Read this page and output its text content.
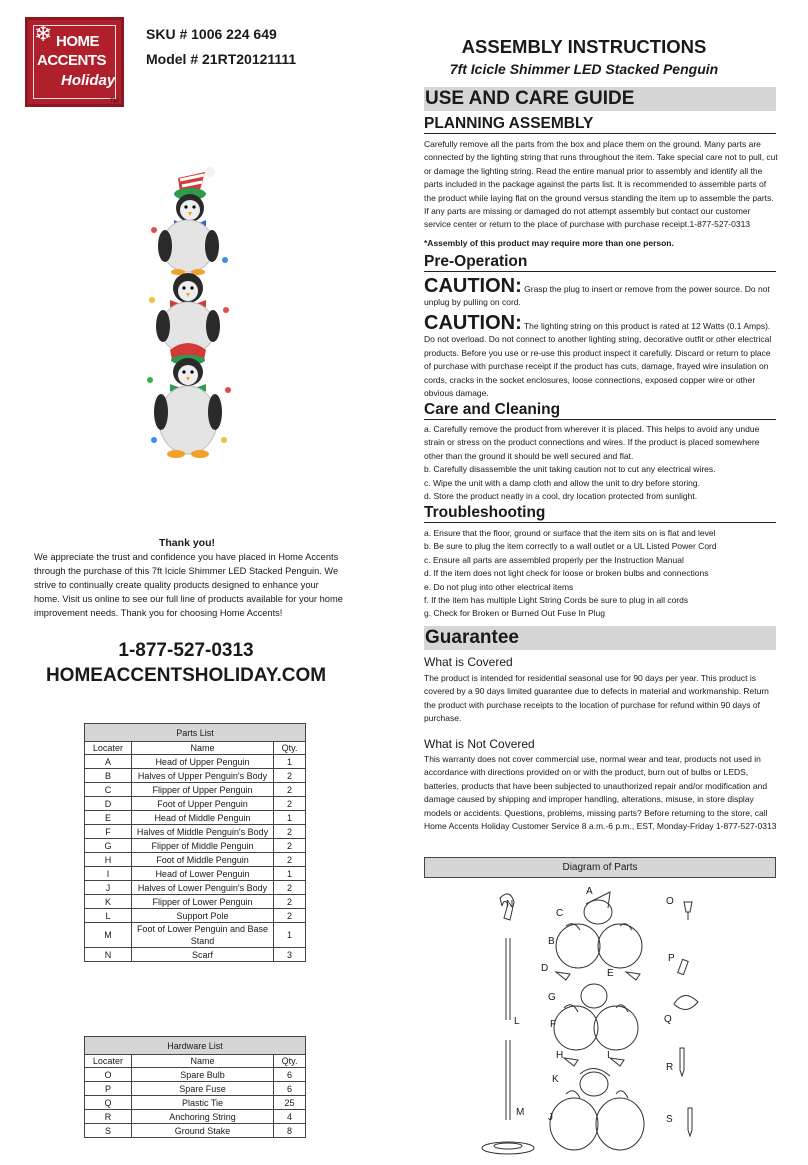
❄ HOME
ACCENTS
Holiday
TM
SKU # 1006 224 649
Model # 21RT20121111
Thank you!
We appreciate the trust and confidence you have placed in Home Accents through the purchase of this 7ft Icicle Shimmer LED Stacked Penguin. We strive to continually create quality products designed to enhance your home. Visit us online to see our full line of products available for your home improvement needs. Thank you for choosing Home Accents!
1-877-527-0313
HOMEACCENTSHOLIDAY.COM
Parts List		
Locater	Name	Qty.
A	Head of Upper Penguin	1
B	Halves of Upper Penguin's Body	2
C	Flipper of Upper Penguin	2
D	Foot of Upper Penguin	2
E	Head of Middle Penguin	1
F	Halves of Middle Penguin's Body	2
G	Flipper of Middle Penguin	2
H	Foot of Middle Penguin	2
I	Head of Lower Penguin	1
J	Halves of Lower Penguin's Body	2
K	Flipper of Lower Penguin	2
L	Support Pole	2
M	Foot of Lower Penguin and Base Stand	1
N	Scarf	3
Hardware List		
Locater	Name	Qty.
O	Spare Bulb	6
P	Spare Fuse	6
Q	Plastic Tie	25
R	Anchoring String	4
S	Ground Stake	8
ASSEMBLY INSTRUCTIONS
7ft Icicle Shimmer LED Stacked Penguin
USE AND CARE GUIDE
PLANNING ASSEMBLY
Carefully remove all the parts from the box and place them on the ground. Many parts are connected by the lighting string that runs throughout the item. Take special care not to pull, cut or damage the lighting string. Read the entire manual prior to assembly and identify all the parts included in the package against the parts list. It is recommended to assemble parts of the product while laying flat on the ground versus standing the item up to assemble the parts. If any parts are missing or damaged do not attempt assembly but contact our customer service center or return to the place of purchase with purchase receipt.1-877-527-0313
*Assembly of this product may require more than one person.
Pre-Operation
CAUTION: Grasp the plug to insert or remove from the power source. Do not unplug by pulling on cord.
CAUTION: The lighting string on this product is rated at 12 Watts (0.1 Amps). Do not overload. Do not connect to another lighting string, decorative outfit or other electrical products. Before you use or re-use this product inspect it carefully. Discard or return to place of purchase with purchase receipt if the product has cuts, damage, frayed wire insulation on cords, cracks in the socket enclosures, loose connections, exposed copper wire or other obvious damage.
Care and Cleaning
a. Carefully remove the product from wherever it is placed. This helps to avoid any undue strain or stress on the product connections and wires. If the product is placed somewhere other than the ground it should be well secured and flat.
b. Carefully disassemble the unit taking caution not to cut any electrical wires.
c. Wipe the unit with a damp cloth and allow the unit to dry before storing.
d. Store the product neatly in a cool, dry location protected from sunlight.
Troubleshooting
a. Ensure that the floor, ground or surface that the item sits on is flat and level
b. Be sure to plug the item correctly to a wall outlet or a UL Listed Power Cord
c. Ensure all parts are assembled properly per the Instruction Manual
d. If the item does not light check for loose or broken bulbs and connections
e. Do not plug into other electrical items
f. If the item has multiple Light String Cords be sure to plug in all cords
g. Check for Broken or Burned Out Fuse In Plug
Guarantee
What is Covered
The product is intended for residential seasonal use for 90 days per year. This product is covered by a 90 days limited guarantee due to defects in material and workmanship. Return the product with purchase receipts to the location of purchase for refund within 90 days of purchase.
What is Not Covered
This warranty does not cover commercial use, normal wear and tear, products not used in accordance with directions provided on or with the product, burn out of bulbs or LEDS, batteries, products that have been subjected to unauthorized repair and/or modification and damage caused by shipping and improper handling, alterations, misuse, in store display models or accidents. Questions, problems, missing parts? Before returning to the store, call Home Accents Holiday Customer Service 8 a.m.-6 p.m., EST, Monday-Friday 1-877-527-0313
Diagram of Parts
N
A
C
B
D	E
G
F
L
H	I
K
J
M
O
P
Q
R
S
